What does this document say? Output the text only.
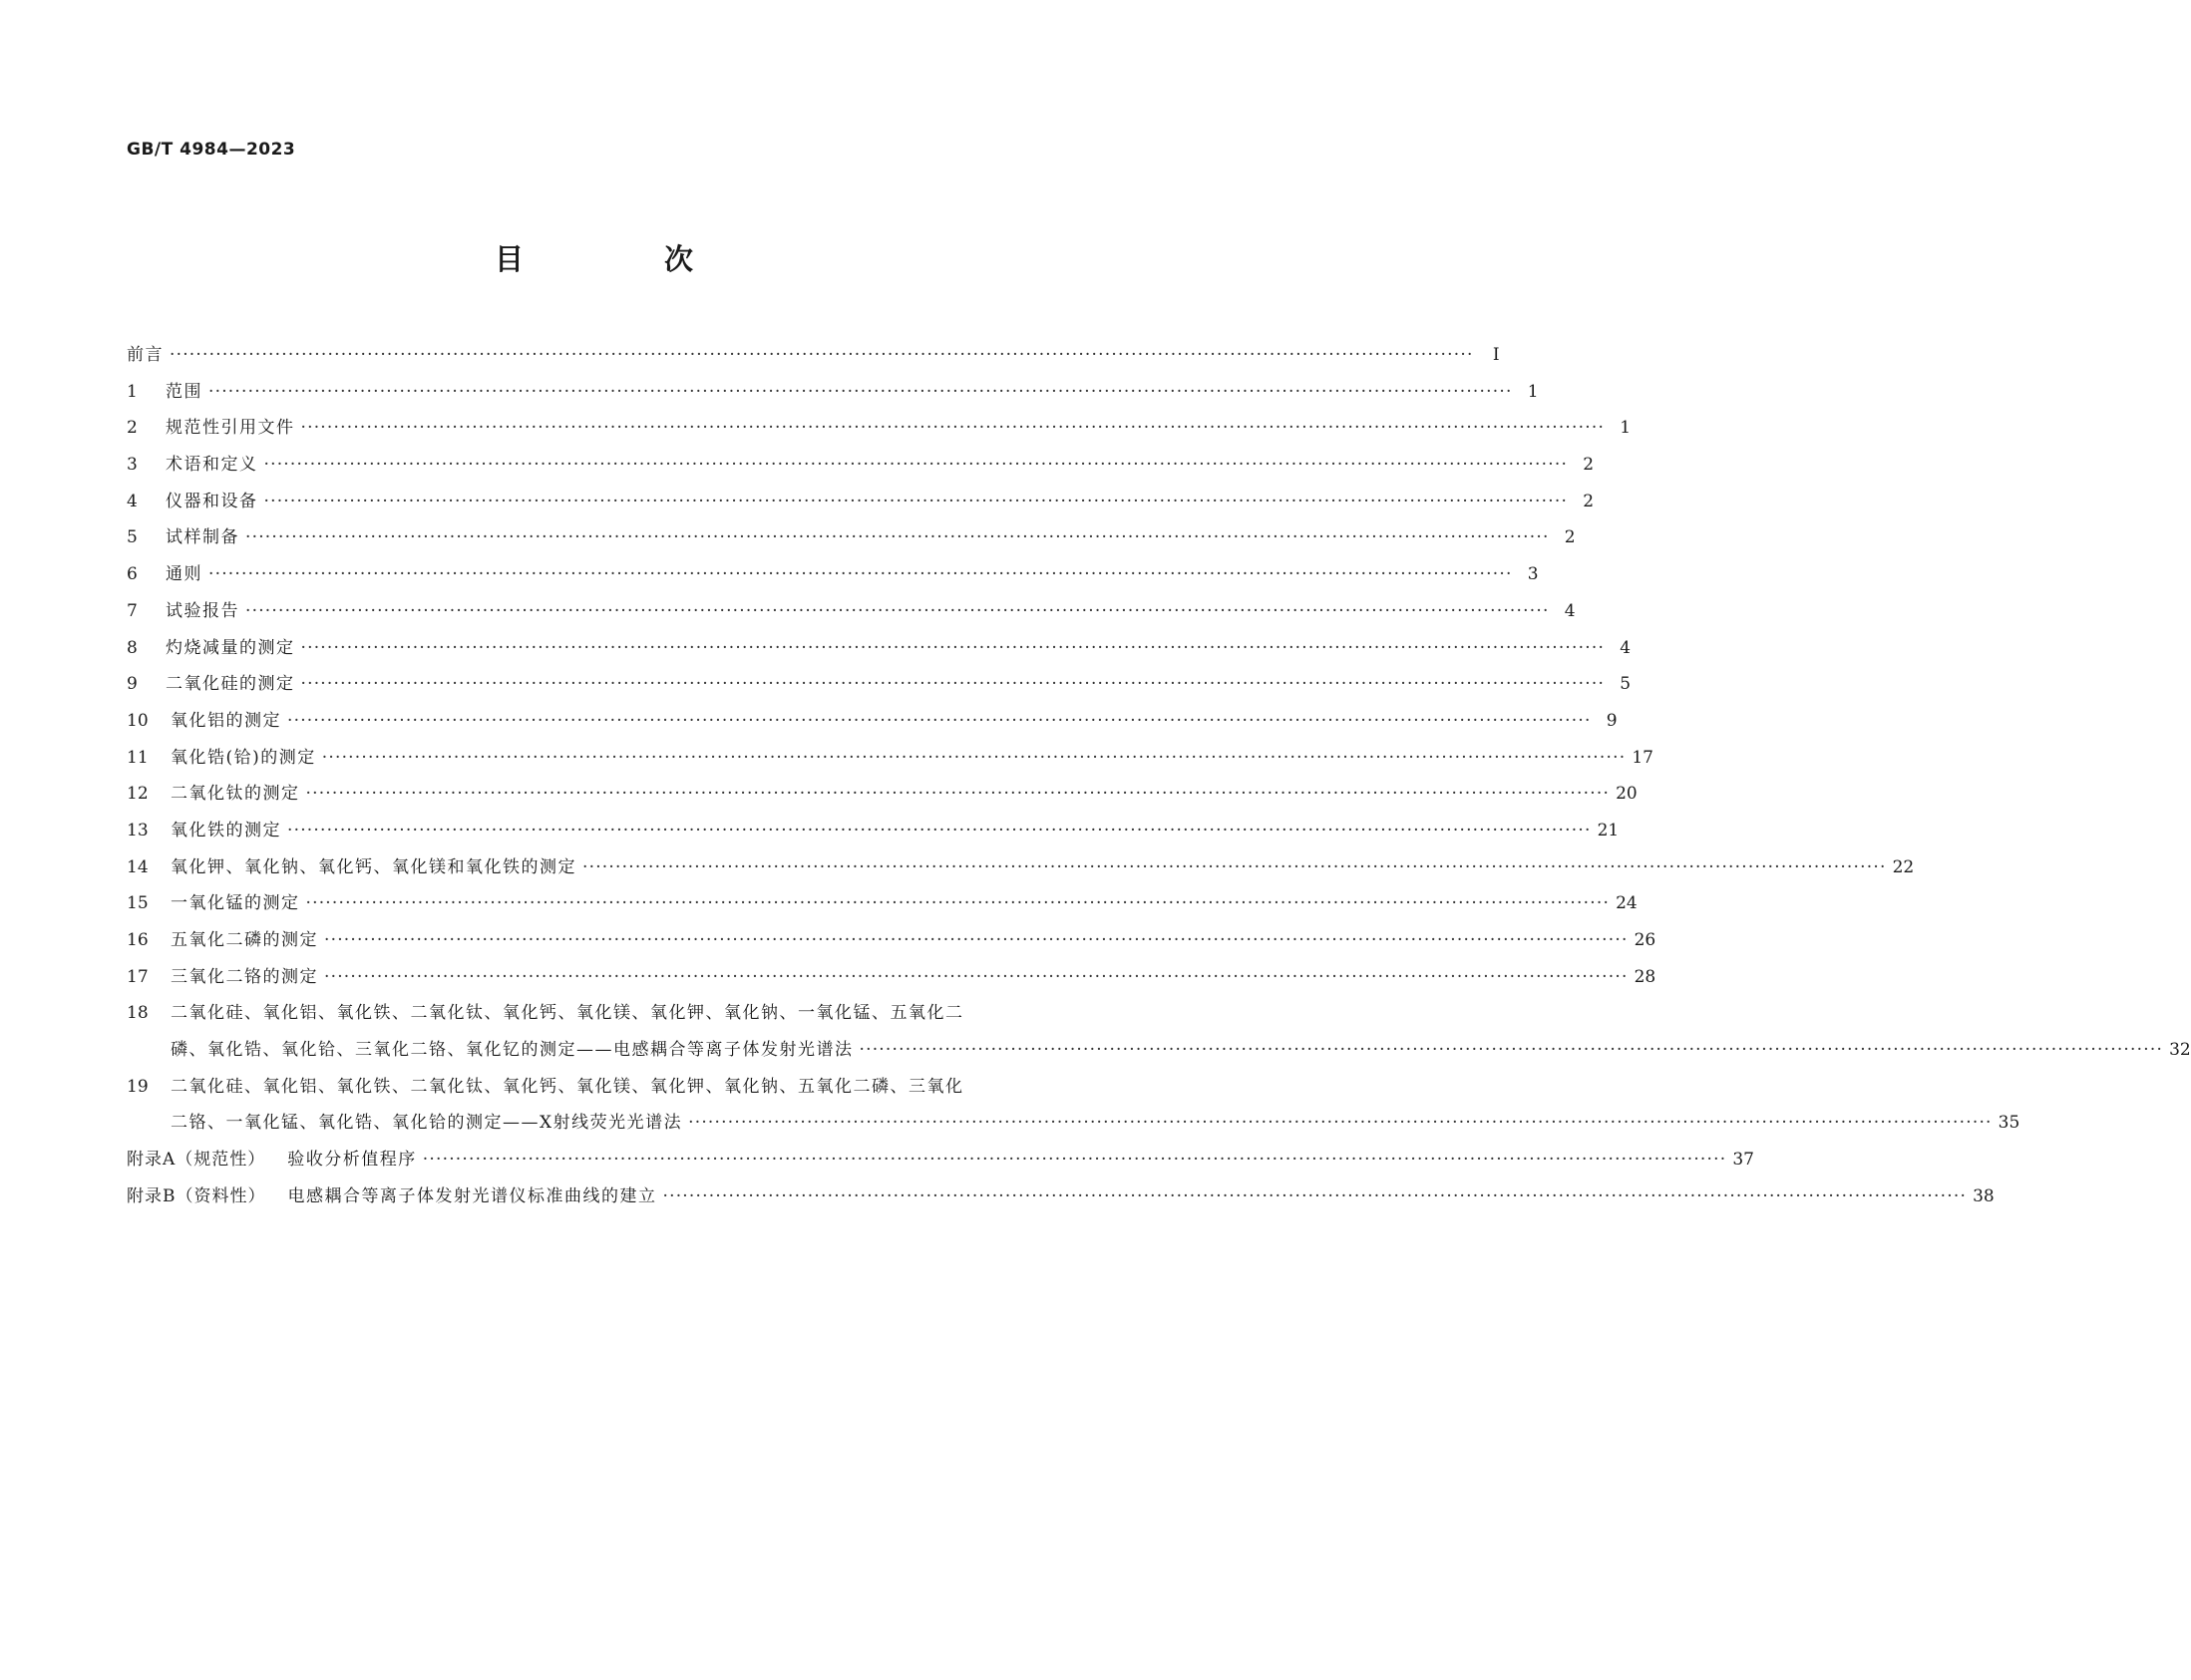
GB/T 4984—2023
目　次
前言 ·····	Ⅰ
1	范围 ·····	1
2	规范性引用文件 ·····	1
3	术语和定义 ·····	2
4	仪器和设备 ·····	2
5	试样制备 ·····	2
6	通则 ·····	3
7	试验报告 ·····	4
8	灼烧减量的测定 ·····	4
9	二氧化硅的测定 ·····	5
10	氧化铝的测定 ·····	9
11	氧化锆(铪)的测定 ·····	17
12	二氧化钛的测定 ·····	20
13	氧化铁的测定 ·····	21
14	氧化钾、氧化钠、氧化钙、氧化镁和氧化铁的测定 ·····	22
15	一氧化锰的测定 ·····	24
16	五氧化二磷的测定 ·····	26
17	三氧化二铬的测定 ·····	28
18	二氧化硅、氧化铝、氧化铁、二氧化钛、氧化钙、氧化镁、氧化钾、氧化钠、一氧化锰、五氧化二
磷、氧化锆、氧化铪、三氧化二铬、氧化钇的测定——电感耦合等离子体发射光谱法 ·····	32
19	二氧化硅、氧化铝、氧化铁、二氧化钛、氧化钙、氧化镁、氧化钾、氧化钠、五氧化二磷、三氧化
二铬、一氧化锰、氧化锆、氧化铪的测定——X射线荧光光谱法 ·····	35
附录A（规范性）	验收分析值程序 ·····	37
附录B（资料性）	电感耦合等离子体发射光谱仪标准曲线的建立 ·····	38
